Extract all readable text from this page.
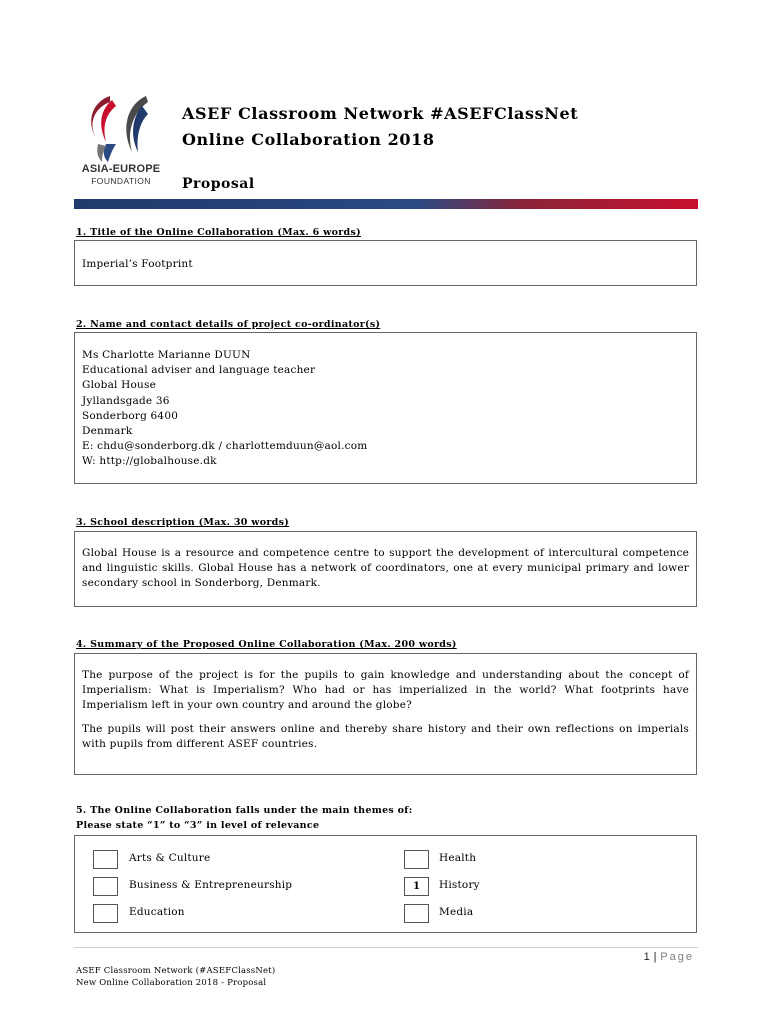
ASIA-EUROPE
FOUNDATION
ASEF Classroom Network #ASEFClassNet
Online Collaboration 2018
Proposal
1. Title of the Online Collaboration (Max. 6 words)
Imperial’s Footprint
2. Name and contact details of project co-ordinator(s)
Ms Charlotte Marianne DUUN
Educational adviser and language teacher
Global House
Jyllandsgade 36
Sonderborg 6400
Denmark
E: chdu@sonderborg.dk / charlottemduun@aol.com
W: http://globalhouse.dk
3. School description (Max. 30 words)

Global House is a resource and competence centre to support the development of intercultural competence and linguistic skills. Global House has a network of coordinators, one at every municipal primary and lower secondary school in Sonderborg, Denmark.

4. Summary of the Proposed Online Collaboration (Max. 200 words)

The purpose of the project is for the pupils to gain knowledge and understanding about the concept of Imperialism: What is Imperialism? Who had or has imperialized in the world? What footprints have Imperialism left in your own country and around the globe?

The pupils will post their answers online and thereby share history and their own reflections on imperials with pupils from different ASEF countries.

5. The Online Collaboration falls under the main themes of:
Please state “1” to “3” in level of relevance
Arts & Culture
Business & Entrepreneurship
Education
Health
1	History
Media
1 | Page
ASEF Classroom Network (#ASEFClassNet)
New Online Collaboration 2018 - Proposal
